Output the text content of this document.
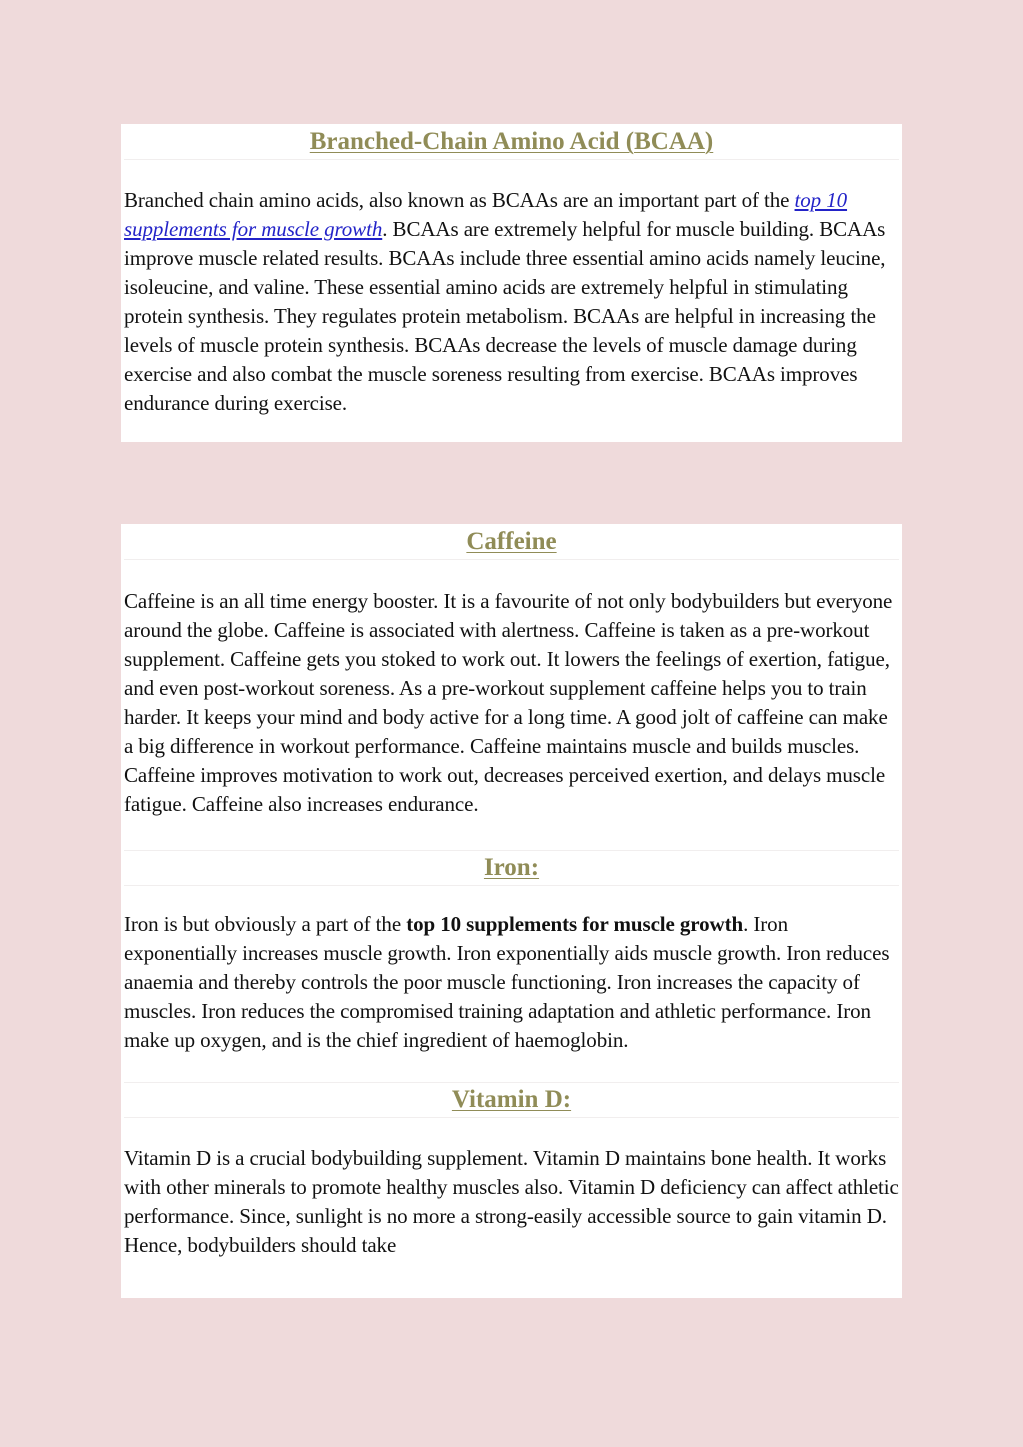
Branched-Chain Amino Acid (BCAA)

Branched chain amino acids, also known as BCAAs are an important part of the top 10 supplements for muscle growth. BCAAs are extremely helpful for muscle building. BCAAs improve muscle related results. BCAAs include three essential amino acids namely leucine, isoleucine, and valine. These essential amino acids are extremely helpful in stimulating protein synthesis. They regulates protein metabolism. BCAAs are helpful in increasing the levels of muscle protein synthesis. BCAAs decrease the levels of muscle damage during exercise and also combat the muscle soreness resulting from exercise. BCAAs improves endurance during exercise.

Caffeine

Caffeine is an all time energy booster. It is a favourite of not only bodybuilders but everyone around the globe. Caffeine is associated with alertness. Caffeine is taken as a pre-workout supplement. Caffeine gets you stoked to work out. It lowers the feelings of exertion, fatigue, and even post-workout soreness. As a pre-workout supplement caffeine helps you to train harder. It keeps your mind and body active for a long time. A good jolt of caffeine can make a big difference in workout performance. Caffeine maintains muscle and builds muscles. Caffeine improves motivation to work out, decreases perceived exertion, and delays muscle fatigue. Caffeine also increases endurance.

Iron:

Iron is but obviously a part of the top 10 supplements for muscle growth. Iron exponentially increases muscle growth. Iron exponentially aids muscle growth. Iron reduces anaemia and thereby controls the poor muscle functioning. Iron increases the capacity of muscles. Iron reduces the compromised training adaptation and athletic performance. Iron make up oxygen, and is the chief ingredient of haemoglobin.

Vitamin D:

Vitamin D is a crucial bodybuilding supplement. Vitamin D maintains bone health. It works with other minerals to promote healthy muscles also. Vitamin D deficiency can affect athletic performance. Since, sunlight is no more a strong-easily accessible source to gain vitamin D. Hence, bodybuilders should take
